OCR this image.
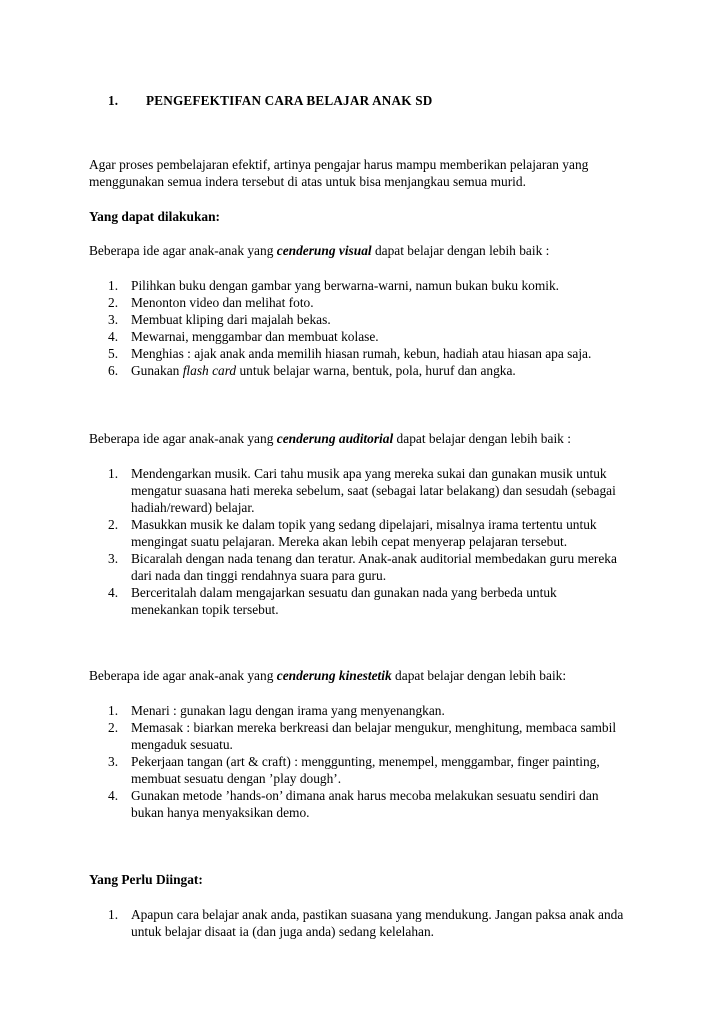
1. PENGEFEKTIFAN CARA BELAJAR ANAK SD
Agar proses pembelajaran efektif, artinya pengajar harus mampu memberikan pelajaran yang
menggunakan semua indera tersebut di atas untuk bisa menjangkau semua murid.
Yang dapat dilakukan:
Beberapa ide agar anak-anak yang cenderung visual dapat belajar dengan lebih baik :
1. Pilihkan buku dengan gambar yang berwarna-warni, namun bukan buku komik.
2. Menonton video dan melihat foto.
3. Membuat kliping dari majalah bekas.
4. Mewarnai, menggambar dan membuat kolase.
5. Menghias : ajak anak anda memilih hiasan rumah, kebun, hadiah atau hiasan apa saja.
6. Gunakan flash card untuk belajar warna, bentuk, pola, huruf dan angka.
Beberapa ide agar anak-anak yang cenderung auditorial dapat belajar dengan lebih baik :
1. Mendengarkan musik. Cari tahu musik apa yang mereka sukai dan gunakan musik untuk
mengatur suasana hati mereka sebelum, saat (sebagai latar belakang) dan sesudah (sebagai
hadiah/reward) belajar.
2. Masukkan musik ke dalam topik yang sedang dipelajari, misalnya irama tertentu untuk
mengingat suatu pelajaran. Mereka akan lebih cepat menyerap pelajaran tersebut.
3. Bicaralah dengan nada tenang dan teratur. Anak-anak auditorial membedakan guru mereka
dari nada dan tinggi rendahnya suara para guru.
4. Berceritalah dalam mengajarkan sesuatu dan gunakan nada yang berbeda untuk
menekankan topik tersebut.
Beberapa ide agar anak-anak yang cenderung kinestetik dapat belajar dengan lebih baik:
1. Menari : gunakan lagu dengan irama yang menyenangkan.
2. Memasak : biarkan mereka berkreasi dan belajar mengukur, menghitung, membaca sambil
mengaduk sesuatu.
3. Pekerjaan tangan (art & craft) : menggunting, menempel, menggambar, finger painting,
membuat sesuatu dengan ’play dough’.
4. Gunakan metode ’hands-on’ dimana anak harus mecoba melakukan sesuatu sendiri dan
bukan hanya menyaksikan demo.
Yang Perlu Diingat:
1. Apapun cara belajar anak anda, pastikan suasana yang mendukung. Jangan paksa anak anda
untuk belajar disaat ia (dan juga anda) sedang kelelahan.
